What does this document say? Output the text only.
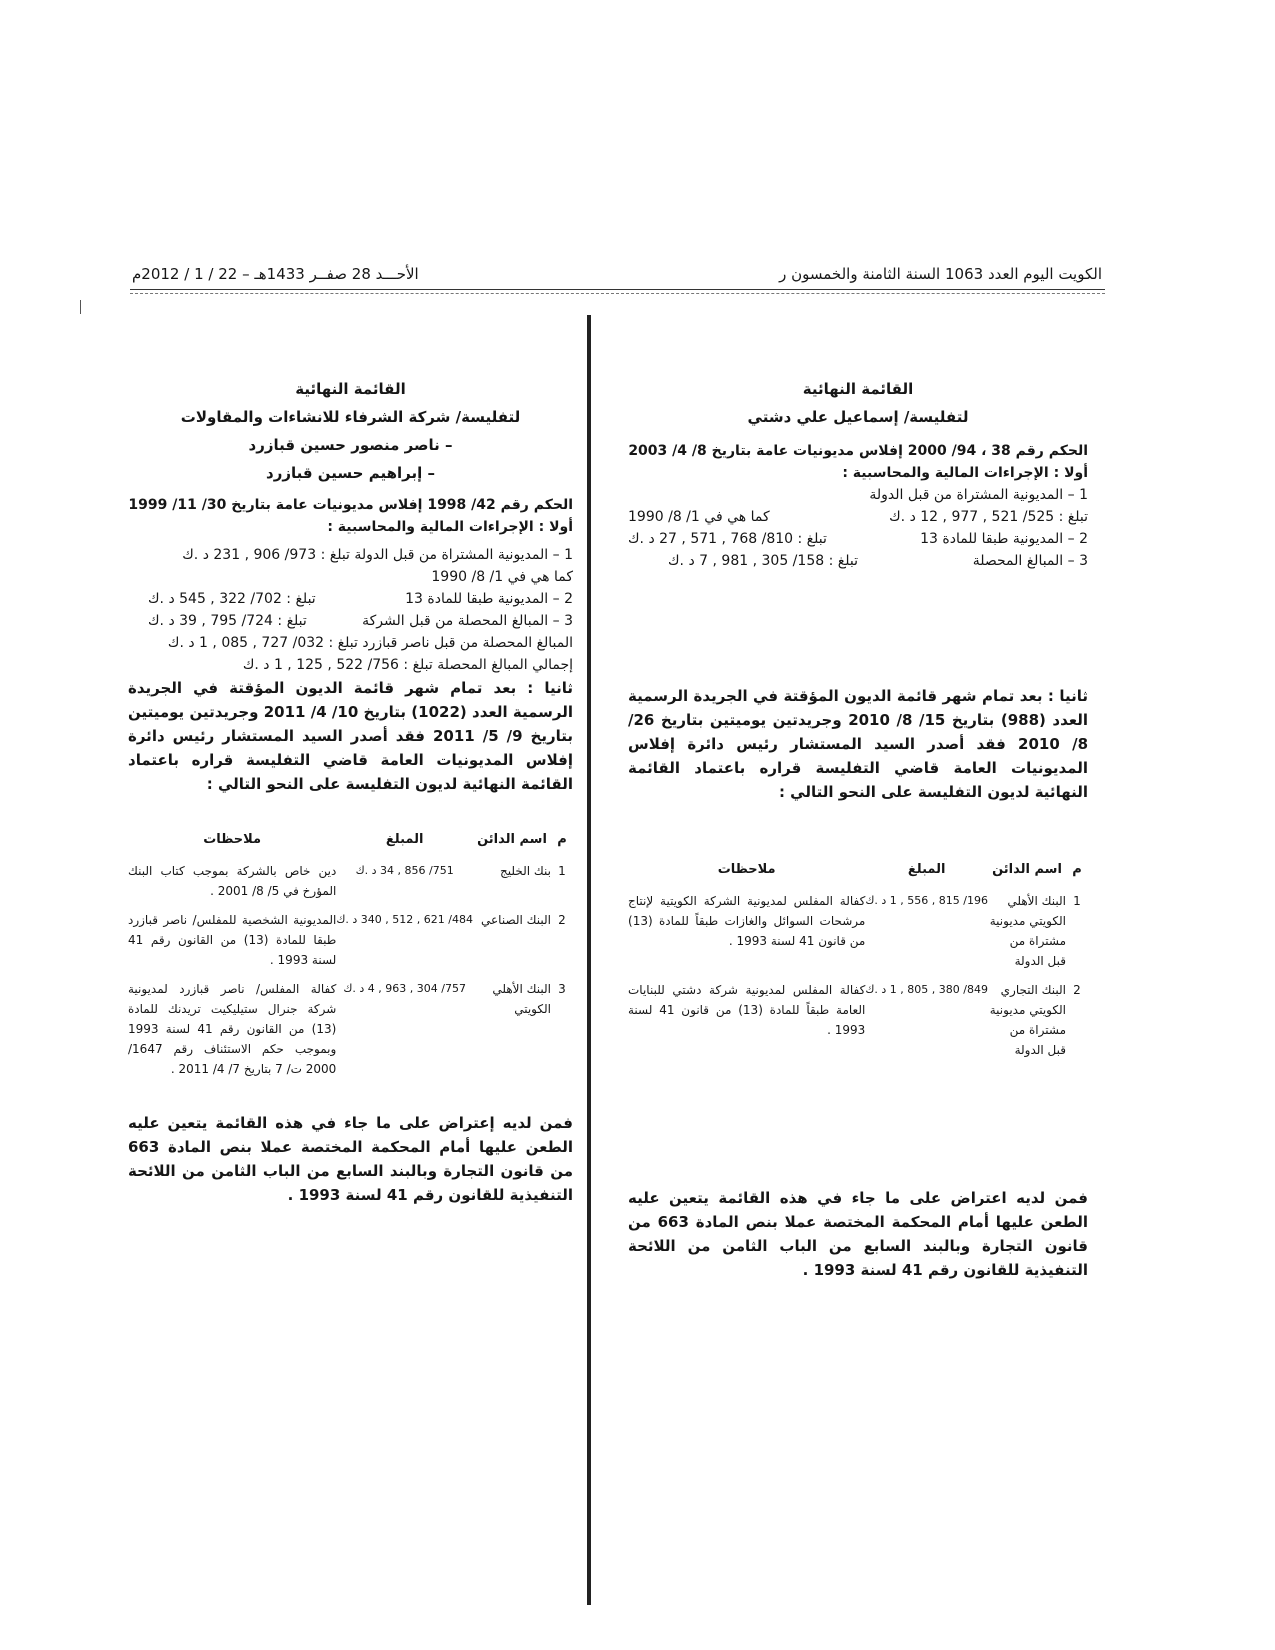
الكويت اليوم العدد 1063 السنة الثامنة والخمسون ر
الأحـــد 28 صفــر 1433هـ – 22 / 1 / 2012م

القائمة النهائية

لتفليسة/ إسماعيل علي دشتي

الحكم رقم 38 ، 94/ 2000 إفلاس مديونيات عامة بتاريخ 8/ 4/ 2003

أولا : الإجراءات المالية والمحاسبية :

1 – المديونية المشتراة من قبل الدولة

تبلغ : 525/ 521 , 977 , 12 د .ك
كما هي في 1/ 8/ 1990
2 – المديونية طبقا للمادة 13
تبلغ : 810/ 768 , 571 , 27 د .ك
3 – المبالغ المحصلة
تبلغ : 158/ 305 , 981 , 7 د .ك

ثانيا : بعد تمام شهر قائمة الديون المؤقتة في الجريدة الرسمية العدد (988) بتاريخ 15/ 8/ 2010 وجريدتين يوميتين بتاريخ 26/ 8/ 2010 فقد أصدر السيد المستشار رئيس دائرة إفلاس المديونيات العامة قاضي التفليسة قراره باعتماد القائمة النهائية لديون التفليسة على النحو التالي :

م	اسم الدائن	المبلغ	ملاحظات
1	البنك الأهلي الكويتي مديونية مشتراة من قبل الدولة	196/ 815 , 556 , 1 د .ك	كفالة المفلس لمديونية الشركة الكويتية لإنتاج مرشحات السوائل والغازات طبقاً للمادة (13) من قانون 41 لسنة 1993 .
2	البنك التجاري الكويتي مديونية مشتراة من قبل الدولة	849/ 380 , 805 , 1 د .ك	كفالة المفلس لمديونية شركة دشتي للبنايات العامة طبقاً للمادة (13) من قانون 41 لسنة 1993 .

فمن لديه اعتراض على ما جاء في هذه القائمة يتعين عليه الطعن عليها أمام المحكمة المختصة عملا بنص المادة 663 من قانون التجارة وبالبند السابع من الباب الثامن من اللائحة التنفيذية للقانون رقم 41 لسنة 1993 .

القائمة النهائية

لتفليسة/ شركة الشرفاء للانشاءات والمقاولات

– ناصر منصور حسين قبازرد

– إبراهيم حسين قبازرد

الحكم رقم 42/ 1998 إفلاس مديونيات عامة بتاريخ 30/ 11/ 1999

أولا : الإجراءات المالية والمحاسبية :

1 – المديونية المشتراة من قبل الدولة تبلغ : 973/ 906 , 231 د .ك

كما هي في 1/ 8/ 1990

2 – المديونية طبقا للمادة 13
تبلغ : 702/ 322 , 545 د .ك
3 – المبالغ المحصلة من قبل الشركة
تبلغ : 724/ 795 , 39 د .ك

المبالغ المحصلة من قبل ناصر قبازرد تبلغ : 032/ 727 , 085 , 1 د .ك

إجمالي المبالغ المحصلة تبلغ : 756/ 522 , 125 , 1 د .ك

ثانيا : بعد تمام شهر قائمة الديون المؤقتة في الجريدة الرسمية العدد (1022) بتاريخ 10/ 4/ 2011 وجريدتين يوميتين بتاريخ 9/ 5/ 2011 فقد أصدر السيد المستشار رئيس دائرة إفلاس المديونيات العامة قاضي التفليسة قراره باعتماد القائمة النهائية لديون التفليسة على النحو التالي :

م	اسم الدائن	المبلغ	ملاحظات
1	بنك الخليج	751/ 856 , 34 د .ك	دين خاص بالشركة بموجب كتاب البنك المؤرخ في 5/ 8/ 2001 .
2	البنك الصناعي	484/ 621 , 512 , 340 د .ك	المديونية الشخصية للمفلس/ ناصر قبازرد طبقا للمادة (13) من القانون رقم 41 لسنة 1993 .
3	البنك الأهلي الكويتي	757/ 304 , 963 , 4 د .ك	كفالة المفلس/ ناصر قبازرد لمديونية شركة جنرال ستيليكيت تريدنك للمادة (13) من القانون رقم 41 لسنة 1993 وبموجب حكم الاستئناف رقم 1647/ 2000 ت/ 7 بتاريخ 7/ 4/ 2011 .

فمن لديه إعتراض على ما جاء في هذه القائمة يتعين عليه الطعن عليها أمام المحكمة المختصة عملا بنص المادة 663 من قانون التجارة وبالبند السابع من الباب الثامن من اللائحة التنفيذية للقانون رقم 41 لسنة 1993 .
